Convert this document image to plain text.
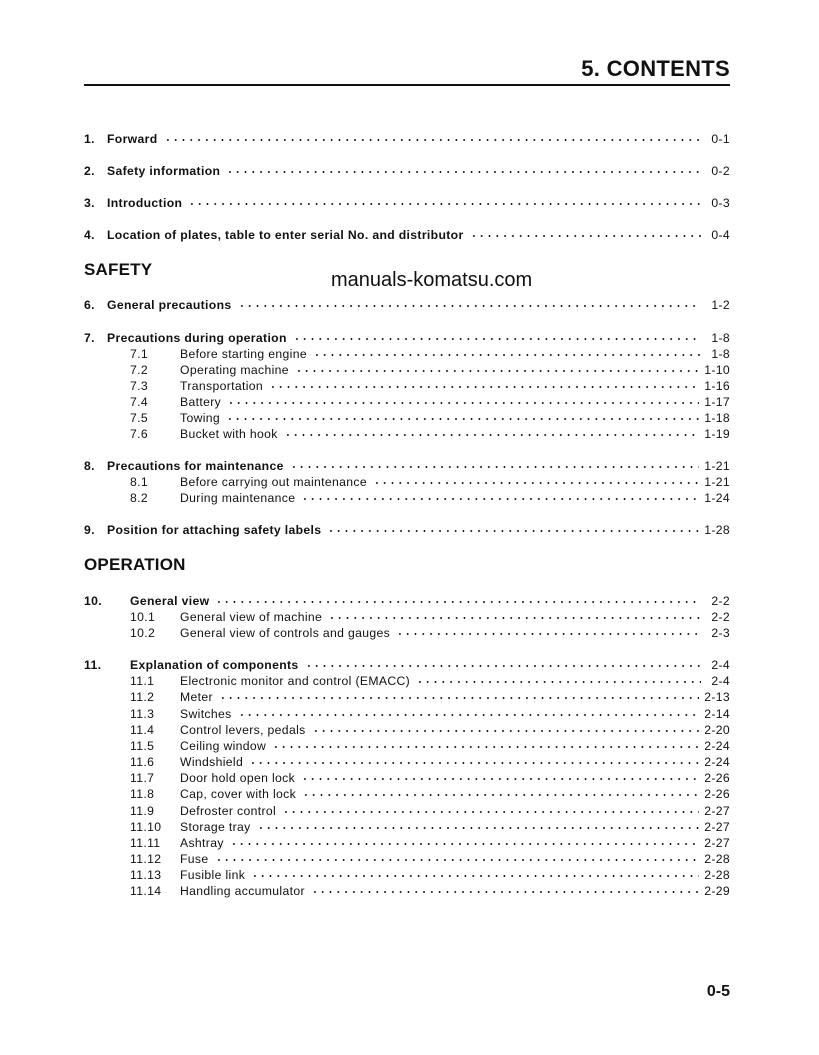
5. CONTENTS
1. Forward	0-1
2. Safety information	0-2
3. Introduction	0-3
4. Location of plates, table to enter serial No. and distributor	0-4
SAFETY	manuals-komatsu.com
6. General precautions	1-2
7. Precautions during operation	1-8
7.1	Before starting engine	1-8
7.2	Operating machine	1-10
7.3	Transportation	1-16
7.4	Battery	1-17
7.5	Towing	1-18
7.6	Bucket with hook	1-19
8. Precautions for maintenance	1-21
8.1	Before carrying out maintenance	1-21
8.2	During maintenance	1-24
9. Position for attaching safety labels	1-28
OPERATION
10.	General view	2-2
10.1	General view of machine	2-2
10.2	General view of controls and gauges	2-3
11.	Explanation of components	2-4
11.1	Electronic monitor and control (EMACC)	2-4
11.2	Meter	2-13
11.3	Switches	2-14
11.4	Control levers, pedals	2-20
11.5	Ceiling window	2-24
11.6	Windshield	2-24
11.7	Door hold open lock	2-26
11.8	Cap, cover with lock	2-26
11.9	Defroster control	2-27
11.10	Storage tray	2-27
11.11	Ashtray	2-27
11.12	Fuse	2-28
11.13	Fusible link	2-28
11.14	Handling accumulator	2-29
0-5
